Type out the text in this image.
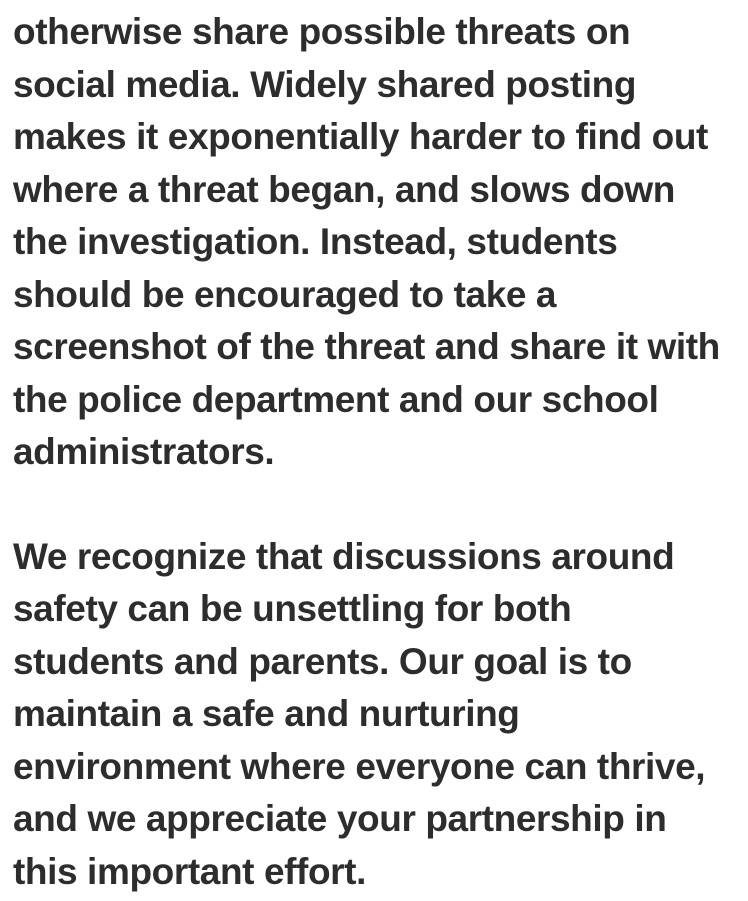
otherwise share possible threats on
social media. Widely shared posting
makes it exponentially harder to find out
where a threat began, and slows down
the investigation. Instead, students
should be encouraged to take a
screenshot of the threat and share it with
the police department and our school
administrators.
We recognize that discussions around
safety can be unsettling for both
students and parents. Our goal is to
maintain a safe and nurturing
environment where everyone can thrive,
and we appreciate your partnership in
this important effort.
